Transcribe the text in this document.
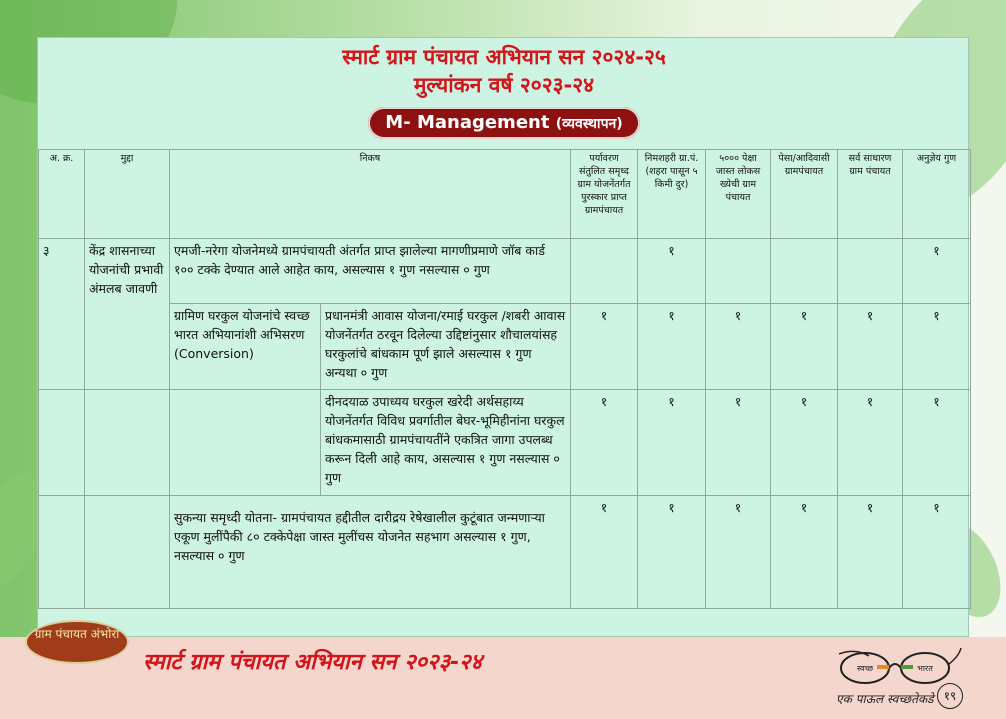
स्मार्ट ग्राम पंचायत अभियान सन २०२४-२५
मुल्यांकन वर्ष २०२३-२४
M- Management (व्यवस्थापन)
अ. क्र.	मुद्दा	निकष		पर्यावरण संतुलित समृध्द ग्राम योजनेंतर्गत पुरस्कार प्राप्त ग्रामपंचायत	निमशहरी ग्रा.पं. (शहरा पासून ५ किमी दुर)	५००० पेक्षा जास्त लोकस ख्येची ग्राम पंचायत	पेसा/आदिवासी ग्रामपंचायत	सर्व साधारण ग्राम पंचायत	अनुज्ञेय गुण
३	केंद्र शासनाच्या योजनांची प्रभावी अंमलब जावणी	एमजी-नरेगा योजनेमध्ये ग्रामपंचायती अंतर्गत प्राप्त झालेल्या मागणीप्रमाणे जॉब कार्ड १०० टक्के देण्यात आले आहेत काय, असल्यास १ गुण नसल्यास ० गुण			१				१
		ग्रामिण घरकुल योजनांचे स्वच्छ भारत अभियानांशी अभिसरण (Conversion)	प्रधानमंत्री आवास योजना/रमाई घरकुल /शबरी आवास योजनेंतर्गत ठरवून दिलेल्या उद्दिष्टांनुसार शौचालयांसह घरकुलांचे बांधकाम पूर्ण झाले असल्यास १ गुण अन्यथा ० गुण	१	१	१	१	१	१
			दीनदयाळ उपाध्यय घरकुल खरेदी अर्थसहाय्य योजनेंतर्गत विविध प्रवर्गातील बेघर-भूमिहीनांना घरकुल बांधकमासाठी ग्रामपंचायतींने एकत्रित जागा उपलब्ध करून दिली आहे काय, असल्यास १ गुण नसल्यास ० गुण	१	१	१	१	१	१
		सुकन्या समृध्दी योतना- ग्रामपंचायत हद्दीतील दारीद्रय रेषेखालील कुटूंबात जन्मणाऱ्या एकूण मुलींपैकी ८० टक्केपेक्षा जास्त मुलींचस योजनेत सहभाग असल्यास १ गुण, नसल्यास ० गुण		१	१	१	१	१	१
ग्राम पंचायत अंभोरा
स्मार्ट ग्राम पंचायत अभियान सन २०२३-२४	स्वच्छ	भारत
एक पाऊल स्वच्छतेकडे १९
